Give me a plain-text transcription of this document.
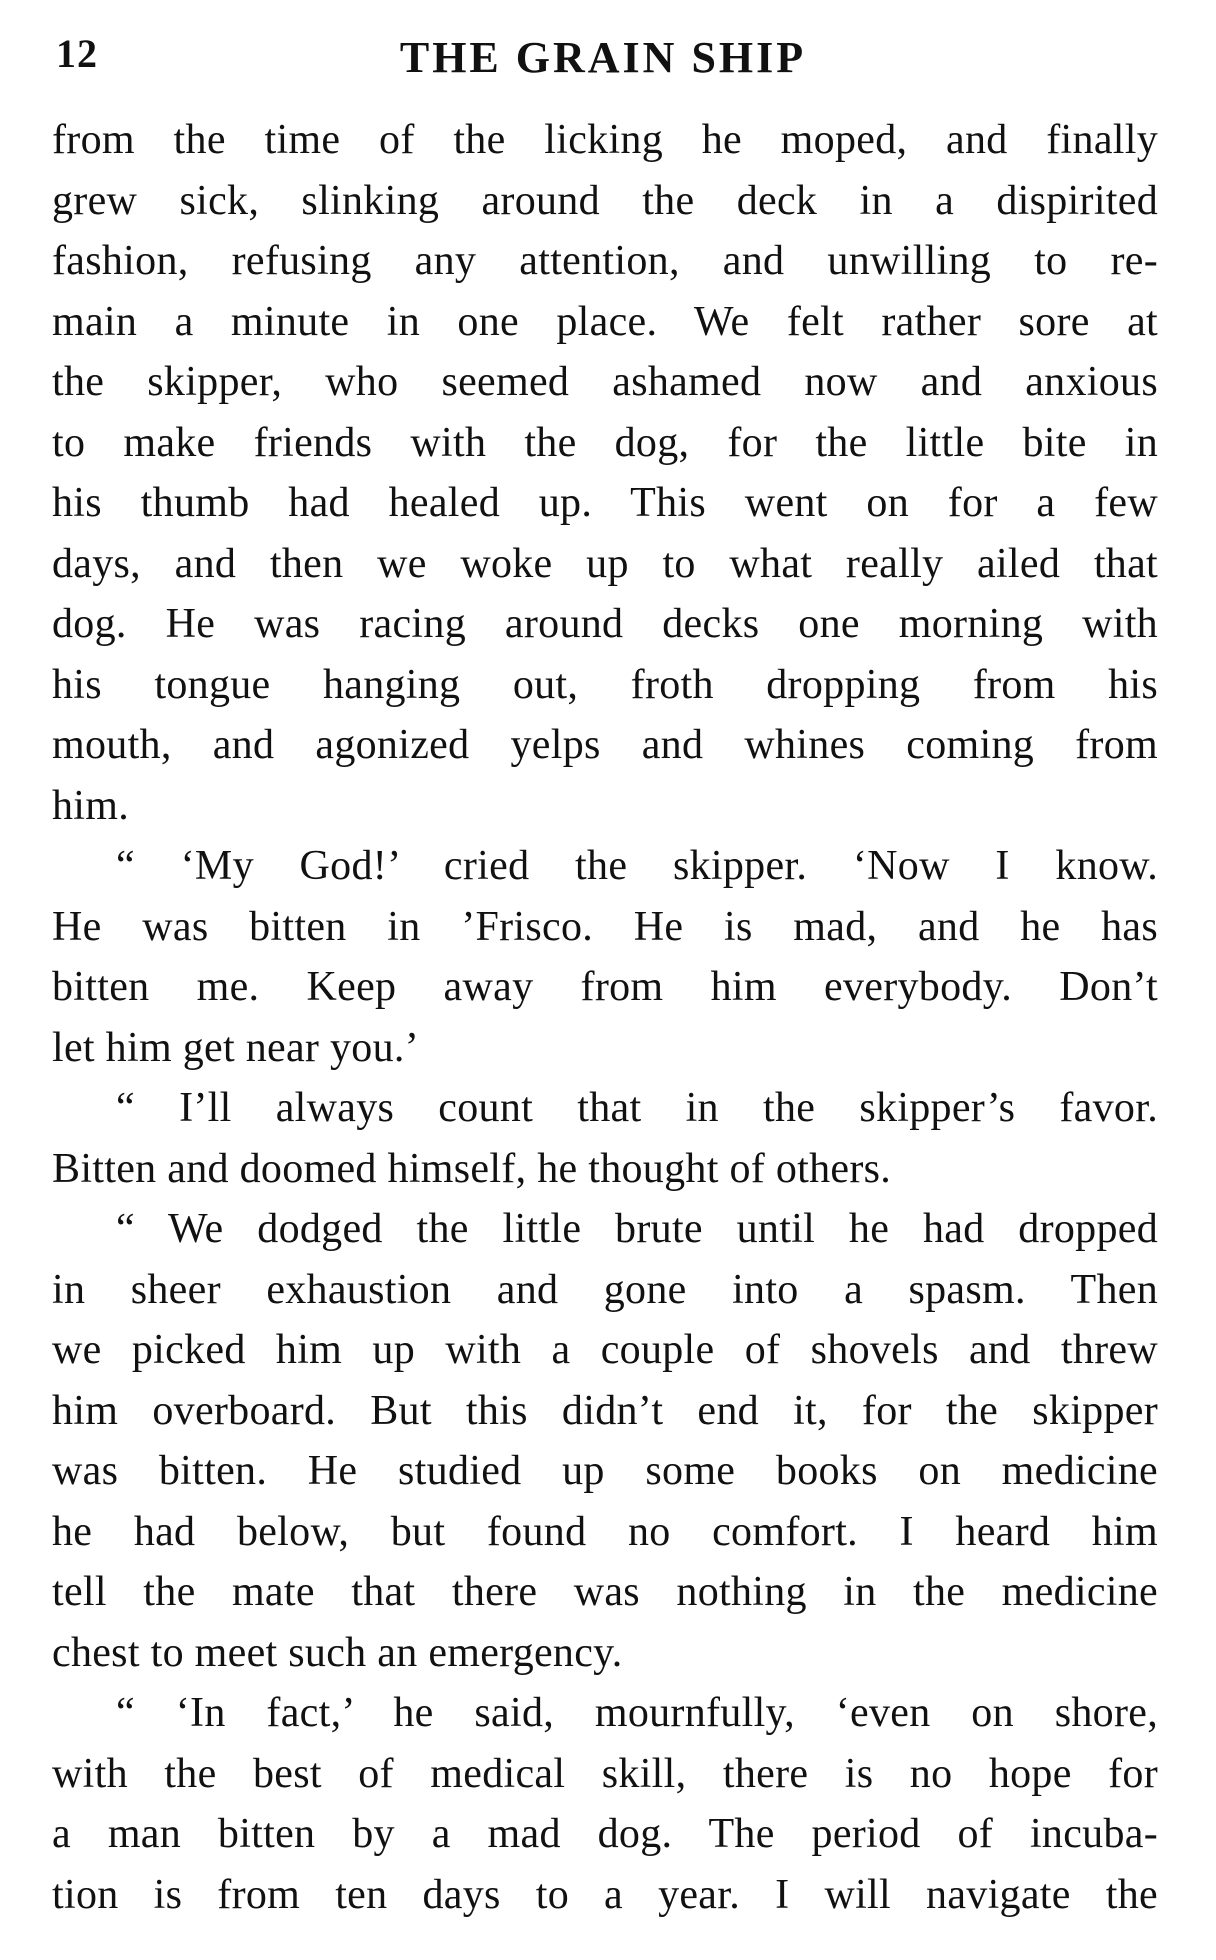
12	THE GRAIN SHIP
from the time of the licking he moped, and finally
grew sick, slinking around the deck in a dispirited
fashion, refusing any attention, and unwilling to re-
main a minute in one place. We felt rather sore at
the skipper, who seemed ashamed now and anxious
to make friends with the dog, for the little bite in
his thumb had healed up. This went on for a few
days, and then we woke up to what really ailed that
dog. He was racing around decks one morning with
his tongue hanging out, froth dropping from his
mouth, and agonized yelps and whines coming from
him.
“ ‘My God!’ cried the skipper. ‘Now I know.
He was bitten in ’Frisco. He is mad, and he has
bitten me. Keep away from him everybody. Don’t
let him get near you.’
“ I’ll always count that in the skipper’s favor.
Bitten and doomed himself, he thought of others.
“ We dodged the little brute until he had dropped
in sheer exhaustion and gone into a spasm. Then
we picked him up with a couple of shovels and threw
him overboard. But this didn’t end it, for the skipper
was bitten. He studied up some books on medicine
he had below, but found no comfort. I heard him
tell the mate that there was nothing in the medicine
chest to meet such an emergency.
“ ‘In fact,’ he said, mournfully, ‘even on shore,
with the best of medical skill, there is no hope for
a man bitten by a mad dog. The period of incuba-
tion is from ten days to a year. I will navigate the
